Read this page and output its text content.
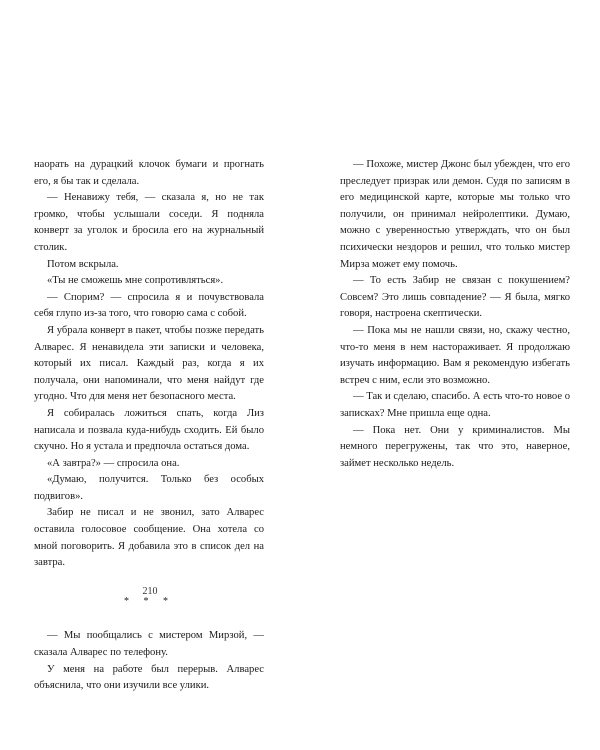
наорать на дурацкий клочок бумаги и прогнать его, я бы так и сделала.

— Ненавижу тебя, — сказала я, но не так громко, чтобы услышали соседи. Я подняла конверт за уголок и бросила его на журнальный столик.

Потом вскрыла.

«Ты не сможешь мне сопротивляться».

— Спорим? — спросила я и почувствовала себя глупо из-за того, что говорю сама с собой.

Я убрала конверт в пакет, чтобы позже передать Алварес. Я ненавидела эти записки и человека, который их писал. Каждый раз, когда я их получала, они напоминали, что меня найдут где угодно. Что для меня нет безопасного места.

Я собиралась ложиться спать, когда Лиз написала и позвала куда-нибудь сходить. Ей было скучно. Но я устала и предпочла остаться дома.

«А завтра?» — спросила она.

«Думаю, получится. Только без особых подвигов».

Забир не писал и не звонил, зато Алварес оставила голосовое сообщение. Она хотела со мной поговорить. Я добавила это в список дел на завтра.

* * *

— Мы пообщались с мистером Мирзой, — сказала Алварес по телефону.

У меня на работе был перерыв. Алварес объяснила, что они изучили все улики.

210

— Похоже, мистер Джонс был убежден, что его преследует призрак или демон. Судя по записям в его медицинской карте, которые мы только что получили, он принимал нейролептики. Думаю, можно с уверенностью утверждать, что он был психически нездоров и решил, что только мистер Мирза может ему помочь.

— То есть Забир не связан с покушением? Совсем? Это лишь совпадение? — Я была, мягко говоря, настроена скептически.

— Пока мы не нашли связи, но, скажу честно, что-то меня в нем настораживает. Я продолжаю изучать информацию. Вам я рекомендую избегать встреч с ним, если это возможно.

— Так и сделаю, спасибо. А есть что-то новое о записках? Мне пришла еще одна.

— Пока нет. Они у криминалистов. Мы немного перегружены, так что это, наверное, займет несколько недель.
